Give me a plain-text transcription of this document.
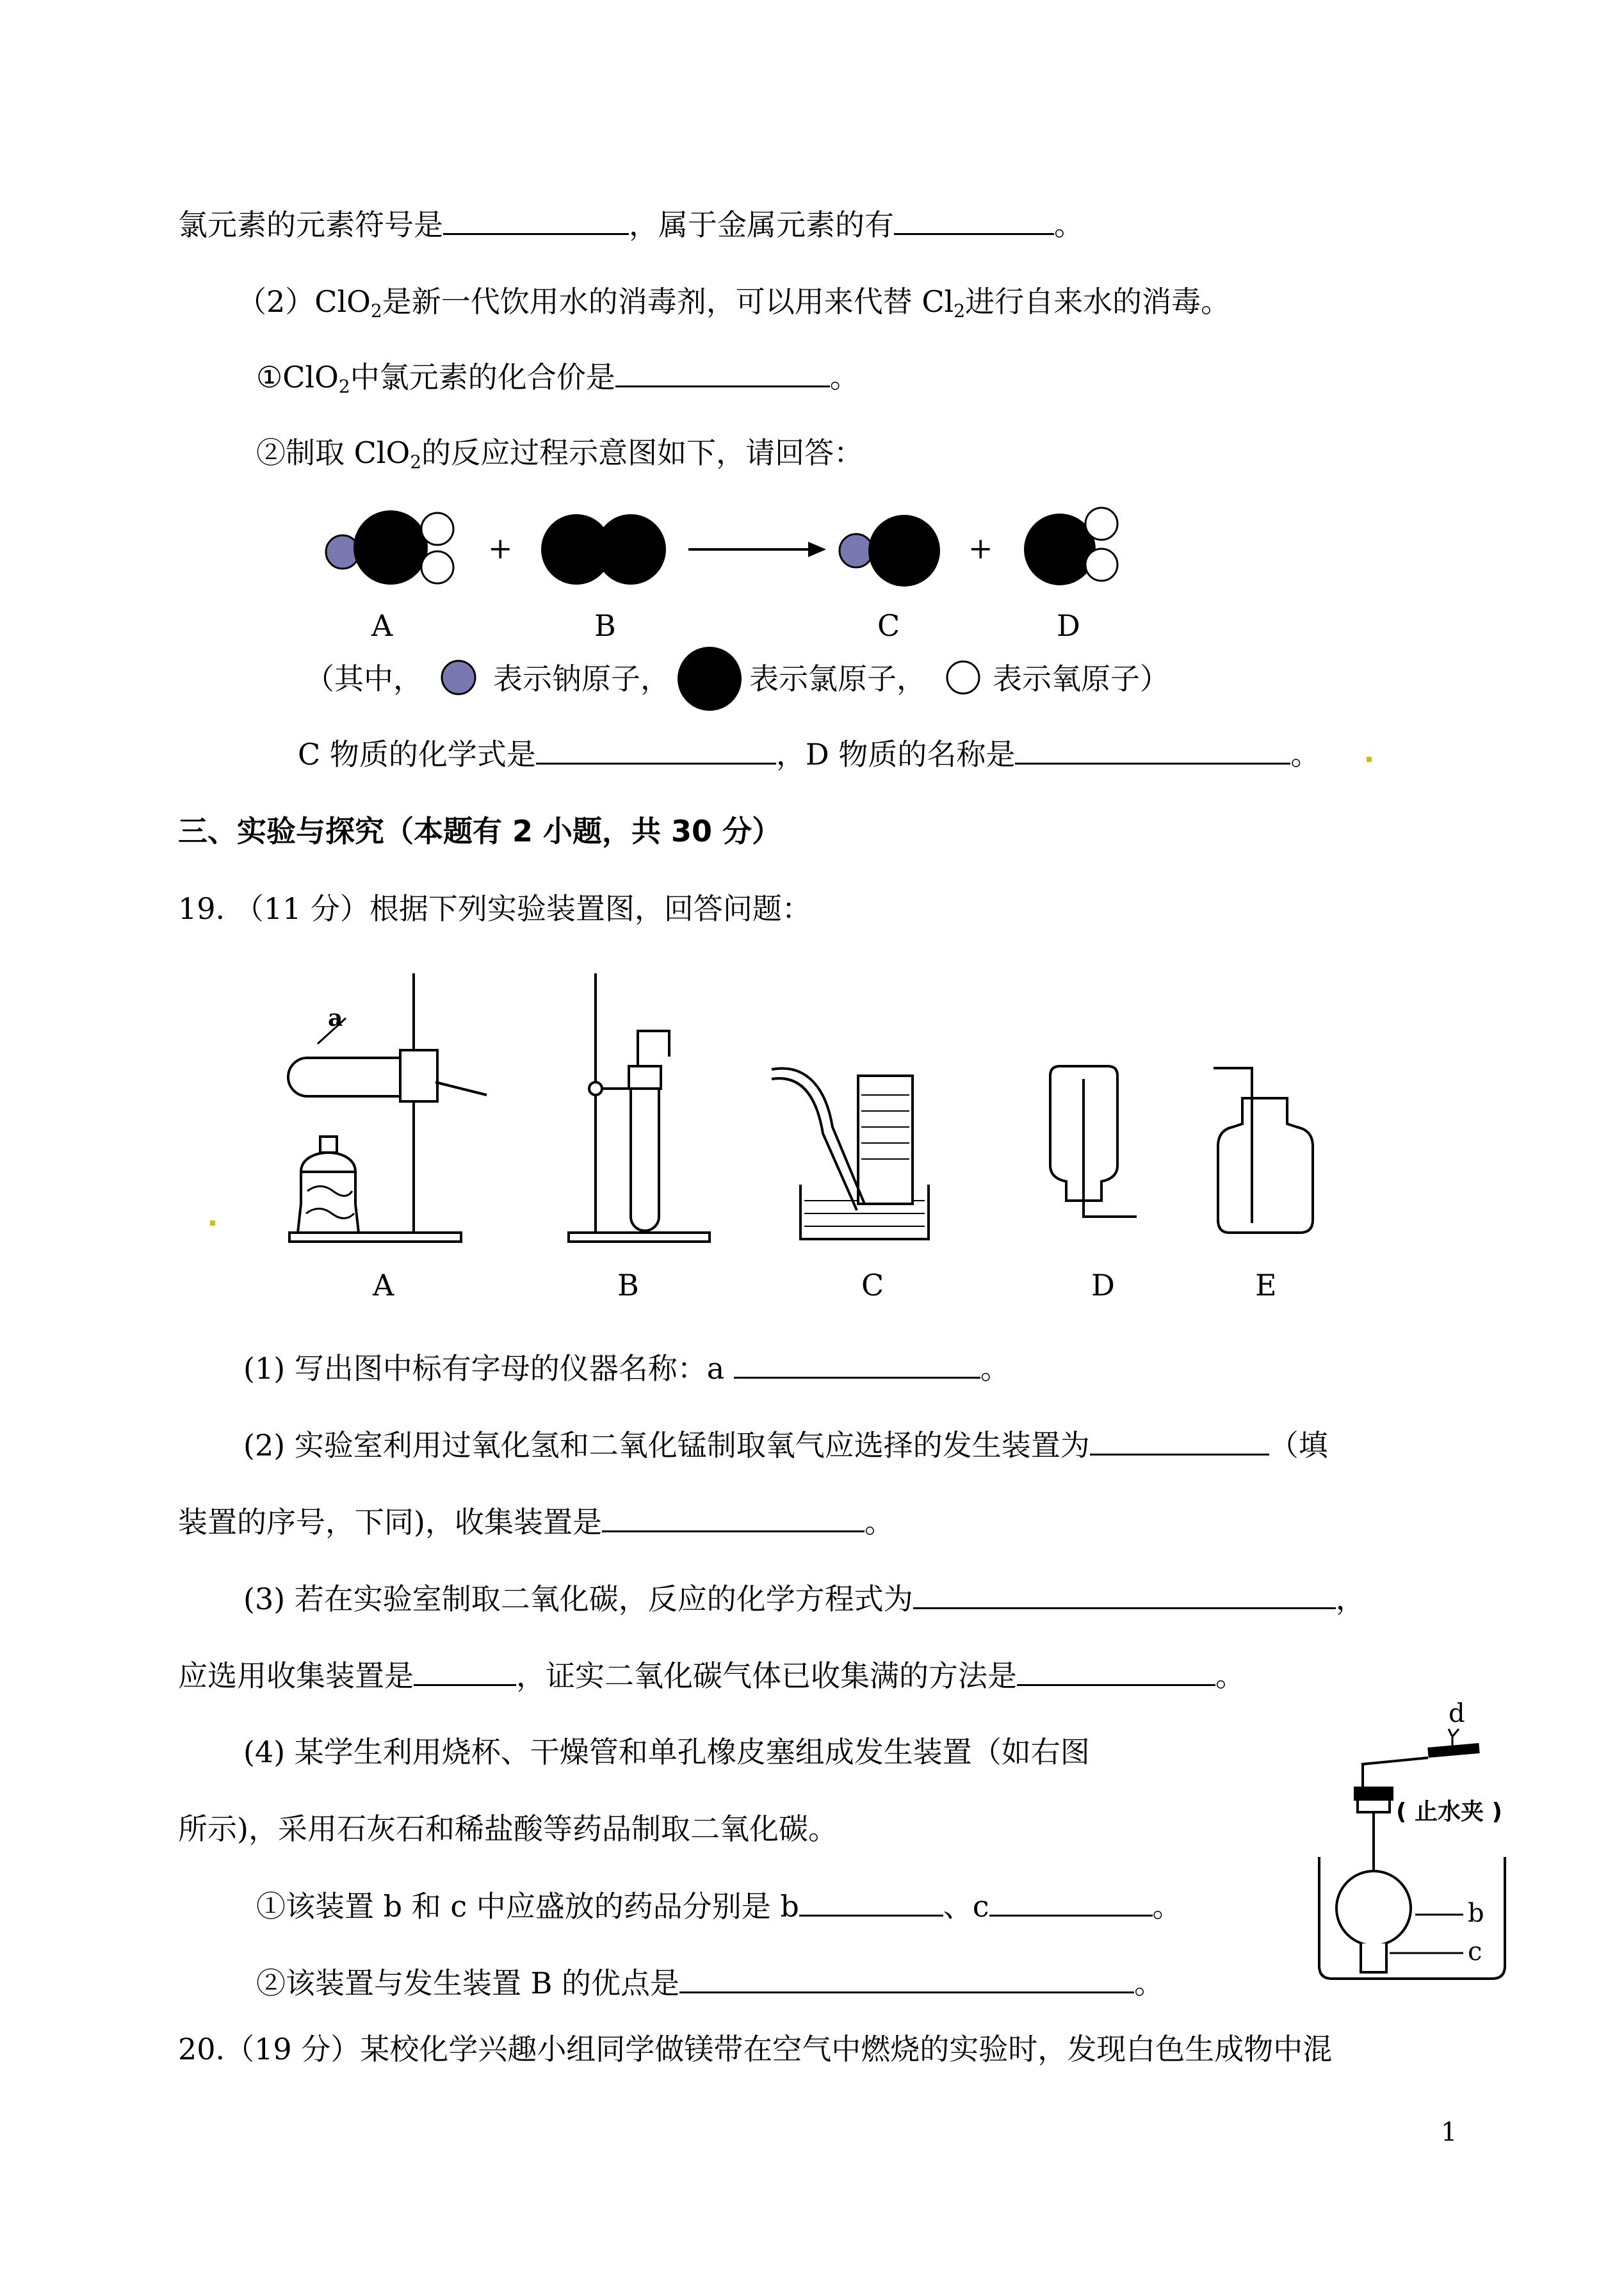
氯元素的元素符号是	，属于金属元素的有	。
（2）ClO$_2$是新一代饮用水的消毒剂，可以用来代替 $Cl_2$进行自来水的消毒。
①ClO$_2$中氯元素的化合价是	。
②制取 ClO$_2$的反应过程示意图如下，请回答：
+	+
A	B	C	D
（其中， 表示钠原子，	表示氯原子， 表示氧原子）
C 物质的化学式是	，D 物质的名称是	。
三、实验与探究（本题有 2 小题，共 30 分）
19. （11 分）根据下列实验装置图，回答问题：
a
A	B	C	D	E
(1) 写出图中标有字母的仪器名称：a	。
(2) 实验室利用过氧化氢和二氧化锰制取氧气应选择的发生装置为	（填
装置的序号，下同)，收集装置是	。
(3) 若在实验室制取二氧化碳，反应的化学方程式为	，
应选用收集装置是	，证实二氧化碳气体已收集满的方法是	。
(4) 某学生利用烧杯、干燥管和单孔橡皮塞组成发生装置（如右图
所示)，采用石灰石和稀盐酸等药品制取二氧化碳。
①该装置 b 和 c 中应盛放的药品分别是 b	、c	。
②该装置与发生装置 B 的优点是	。
d
( 止水夹 )
b
c
20.（19 分）某校化学兴趣小组同学做镁带在空气中燃烧的实验时，发现白色生成物中混
1
